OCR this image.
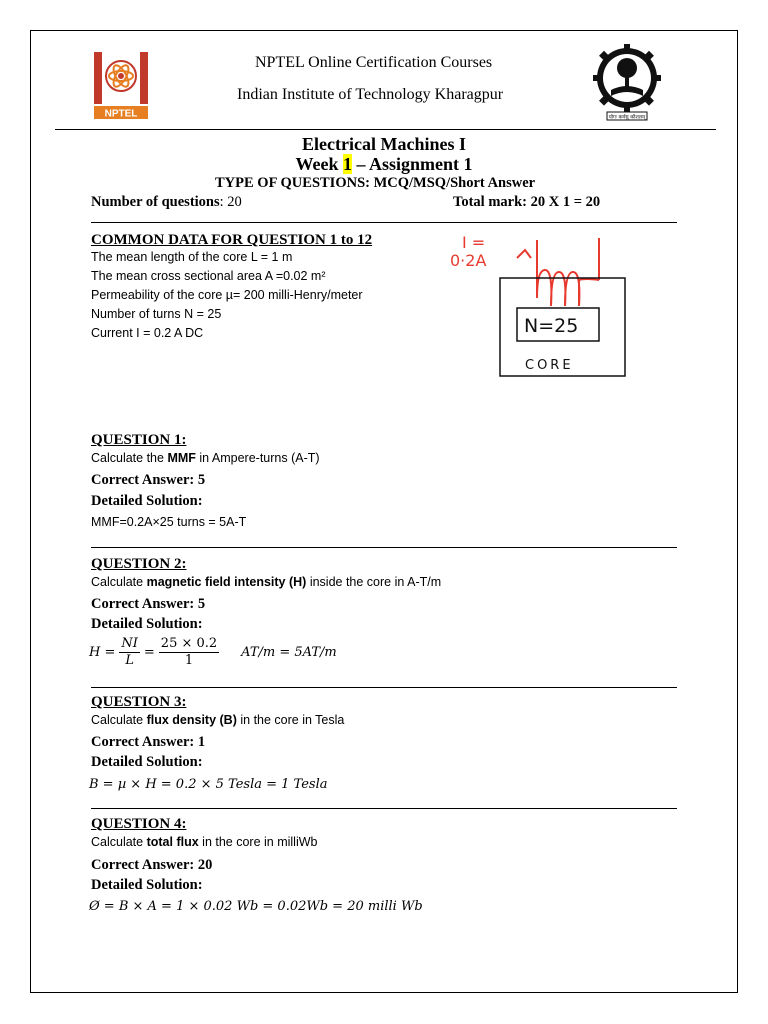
NPTEL
NPTEL Online Certification Courses
Indian Institute of Technology Kharagpur
योगः कर्मसु कौशलम्
Electrical Machines I
Week 1 – Assignment 1
TYPE OF QUESTIONS: MCQ/MSQ/Short Answer
Number of questions: 20	Total mark: 20 X 1 = 20
COMMON DATA FOR QUESTION 1 to 12
The mean length of the core L = 1 m
The mean cross sectional area A =0.02 m²
Permeability of the core µ= 200 milli-Henry/meter
Number of turns N = 25
Current I = 0.2 A DC
I =
0·2A
N=25
CORE
QUESTION 1:
Calculate the MMF in Ampere-turns (A-T)
Correct Answer: 5
Detailed Solution:
MMF=0.2A×25 turns = 5A-T
QUESTION 2:
Calculate magnetic field intensity (H) inside the core in A-T/m
Correct Answer: 5
Detailed Solution:
$H = \frac{NI}{L} = \frac{25 \times 0.2}{1} AT/m = 5AT/m$
QUESTION 3:
Calculate flux density (B) in the core in Tesla
Correct Answer: 1
Detailed Solution:
B = µ × H = 0.2 × 5 Tesla = 1 Tesla
QUESTION 4:
Calculate total flux in the core in milliWb
Correct Answer: 20
Detailed Solution:
Ø = B × A = 1 × 0.02 Wb = 0.02Wb = 20 milli Wb
